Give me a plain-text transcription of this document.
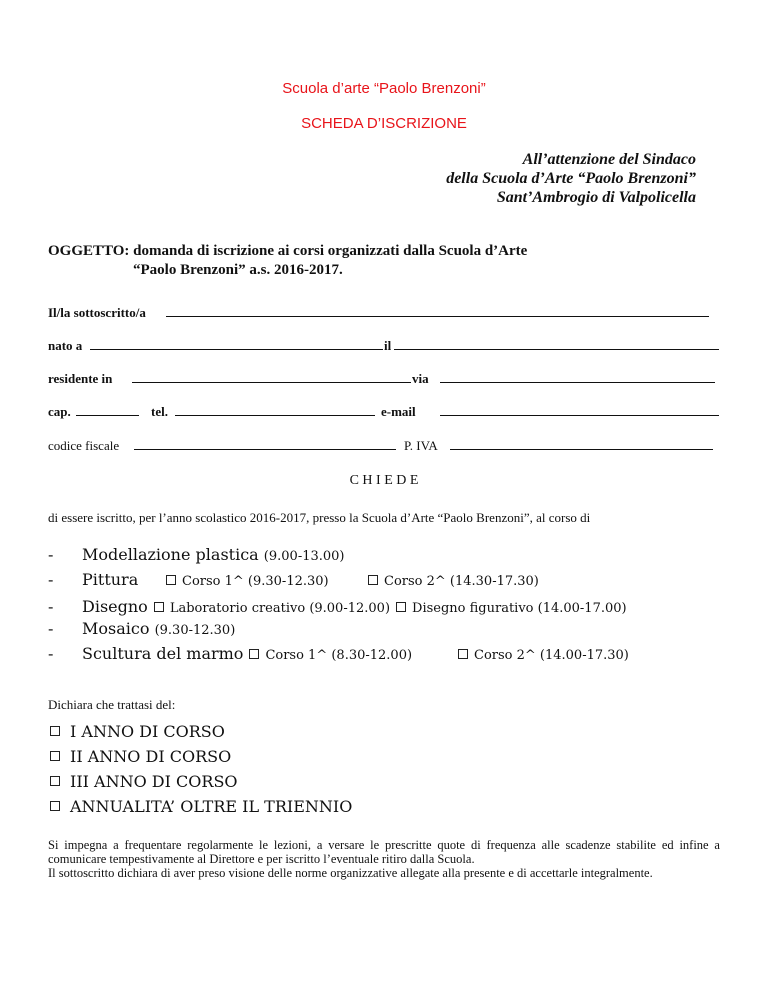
Scuola d’arte “Paolo Brenzoni”
SCHEDA D’ISCRIZIONE
All’attenzione del Sindaco
della Scuola d’Arte “Paolo Brenzoni”
Sant’Ambrogio di Valpolicella
OGGETTO: domanda di iscrizione ai corsi organizzati dalla Scuola d’Arte
“Paolo Brenzoni” a.s. 2016-2017.
Il/la sottoscritto/a
nato a	il
residente in	via
cap.	tel.	e-mail
codice fiscale	P. IVA
C H I E D E
di essere iscritto, per l’anno scolastico 2016-2017, presso la Scuola d’Arte “Paolo Brenzoni”, al corso di
- Modellazione plastica (9.00-13.00)
- Pittura	Corso 1^ (9.30-12.30)	Corso 2^ (14.30-17.30)
- Disegno Laboratorio creativo (9.00-12.00) Disegno figurativo (14.00-17.00)
- Mosaico (9.30-12.30)
- Scultura del marmo Corso 1^ (8.30-12.00)	Corso 2^ (14.00-17.30)
Dichiara che trattasi del:
I ANNO DI CORSO
II ANNO DI CORSO
III ANNO DI CORSO
ANNUALITA’ OLTRE IL TRIENNIO
Si impegna a frequentare regolarmente le lezioni, a versare le prescritte quote di frequenza alle scadenze stabilite ed infine a comunicare tempestivamente al Direttore e per iscritto l’eventuale ritiro dalla Scuola.
Il sottoscritto dichiara di aver preso visione delle norme organizzative allegate alla presente e di accettarle integralmente.
